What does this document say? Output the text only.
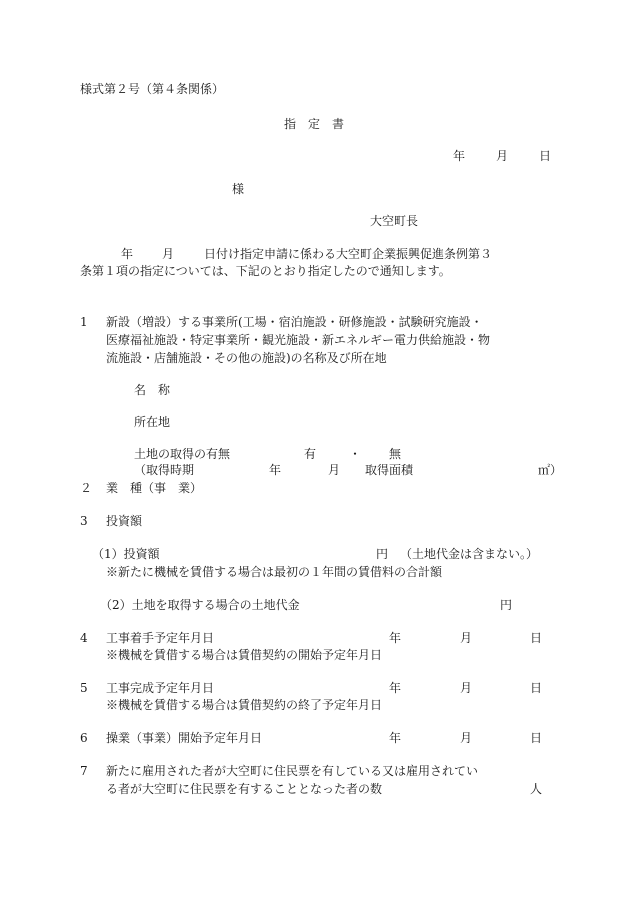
様式第２号（第４条関係）
指　定　書
年	月	日
様
大空町長
年 月 日付け指定申請に係わる大空町企業振興促進条例第３
条第１項の指定については、下記のとおり指定したので通知します。
1 新設（増設）する事業所(工場・宿泊施設・研修施設・試験研究施設・
医療福祉施設・特定事業所・観光施設・新エネルギー電力供給施設・物
流施設・店舗施設・その他の施設)の名称及び所在地
名　称
所在地
土地の取得の有無	有	・ 無
（取得時期	年	月 取得面積	㎡）
２ 業　種（事　業）
3 投資額
（1）投資額	円 （土地代金は含まない。）
※新たに機械を賃借する場合は最初の１年間の賃借料の合計額
（2）土地を取得する場合の土地代金	円
4 工事着手予定年月日	年	月	日
※機械を賃借する場合は賃借契約の開始予定年月日
5 工事完成予定年月日	年	月	日
※機械を賃借する場合は賃借契約の終了予定年月日
6 操業（事業）開始予定年月日	年	月	日
7 新たに雇用された者が大空町に住民票を有している又は雇用されてい
る者が大空町に住民票を有することとなった者の数	人
